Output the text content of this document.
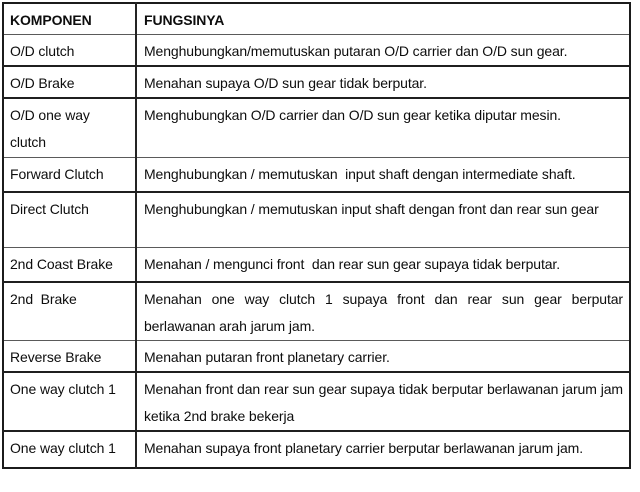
KOMPONEN	FUNGSINYA
O/D clutch	Menghubungkan/memutuskan putaran O/D carrier dan O/D sun gear.
O/D Brake	Menahan supaya O/D sun gear tidak berputar.
O/D one way clutch	Menghubungkan O/D carrier dan O/D sun gear ketika diputar mesin.
Forward Clutch	Menghubungkan / memutuskan  input shaft dengan intermediate shaft.
Direct Clutch	Menghubungkan / memutuskan input shaft dengan front dan rear sun gear
2nd Coast Brake	Menahan / mengunci front  dan rear sun gear supaya tidak berputar.
2nd  Brake	Menahan one way clutch 1 supaya front dan rear sun gear berputar berlawanan arah jarum jam.
Reverse Brake	Menahan putaran front planetary carrier.
One way clutch 1	Menahan front dan rear sun gear supaya tidak berputar berlawanan jarum jam ketika 2nd brake bekerja
One way clutch 1	Menahan supaya front planetary carrier berputar berlawanan jarum jam.
